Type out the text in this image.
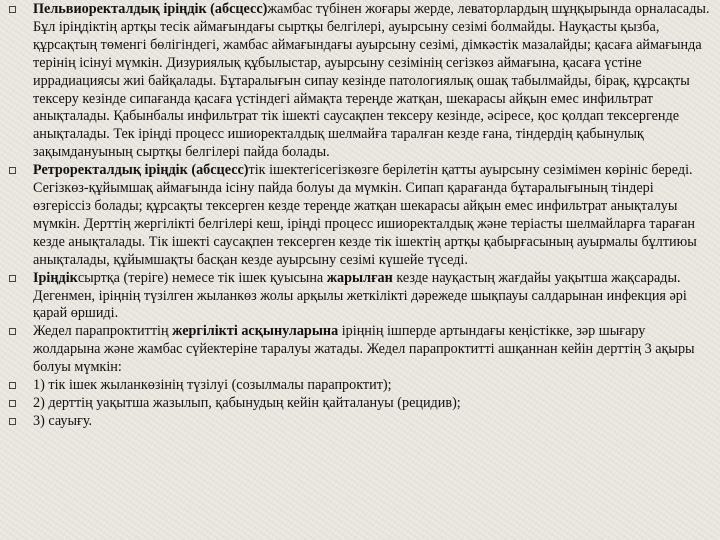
Пельвиоректалдық іріңдік (абсцесс)жамбас түбінен жоғары жерде, леваторлардың шұңқырында орналасады. Бұл іріңдіктің артқы тесік аймағындағы сыртқы белгілері, ауырсыну сезімі болмайды. Науқасты қызба, құрсақтың төменгі бөлігіндегі, жамбас аймағындағы ауырсыну сезімі, дімкәстік мазалайды; қасаға аймағында терінің ісінуі мүмкін. Дизуриялық құбылыстар, ауырсыну сезімінің сегізкөз аймағына, қасаға үстіне иррадиациясы жиі байқалады. Бұтаралығын сипау кезінде патологиялық ошақ табылмайды, бірақ, құрсақты тексеру кезінде сипағанда қасаға үстіндегі аймақта тереңде жатқан, шекарасы айқын емес инфильтрат анықталады. Қабынбалы инфильтрат тік ішекті саусақпен тексеру кезінде, әсіресе, қос қолдап тексергенде анықталады. Тек іріңді процесс ишиоректалдық шелмайға таралған кезде ғана, тіндердің қабынулық зақымдануының сыртқы белгілері пайда болады.
Ретроректалдық іріңдік (абсцесс)тік ішектегісегізкөзге берілетін қатты ауырсыну сезімімен көрініс береді. Сегізкөз-құйымшақ аймағында ісіну пайда болуы да мүмкін. Сипап қарағанда бұтаралығының тіндері өзгеріссіз болады; құрсақты тексерген кезде тереңде жатқан шекарасы айқын емес инфильтрат анықталуы мүмкін. Дерттің жергілікті белгілері кеш, іріңді процесс ишиоректалдық және теріасты шелмайларға тараған кезде анықталады. Тік ішекті саусақпен тексерген кезде тік ішектің артқы қабырғасының ауырмалы бұлтиюы анықталады, құйымшақты басқан кезде ауырсыну сезімі күшейе түседі.
Іріңдіксыртқа (теріге) немесе тік ішек қуысына жарылған кезде науқастың жағдайы уақытша жақсарады. Дегенмен, іріңнің түзілген жыланкөз жолы арқылы жеткілікті дәрежеде шықпауы салдарынан инфекция әрі қарай өршиді.
Жедел парапроктиттің жергілікті асқынуларына іріңнің ішперде артындағы кеңістікке, зәр шығару жолдарына және жамбас сүйектеріне таралуы жатады. Жедел парапроктитті ашқаннан кейін дерттің 3 ақыры болуы мүмкін:
1) тік ішек жыланкөзінің түзілуі (созылмалы парапроктит);
2) дерттің уақытша жазылып, қабынудың кейін қайталануы (рецидив);
3) сауығу.
